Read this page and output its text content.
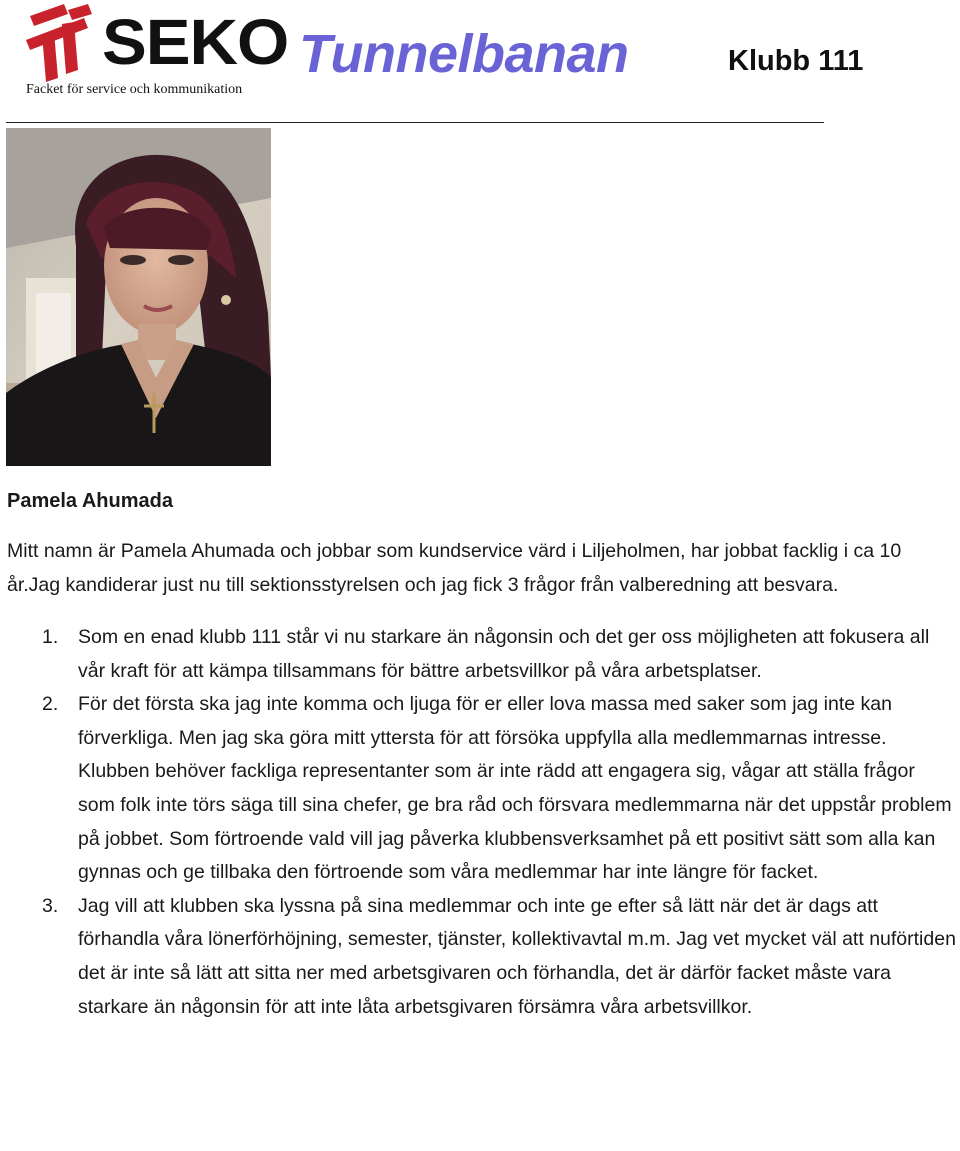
SEKO
Facket för service och kommunikation
Tunnelbanan	Klubb 111
Pamela Ahumada

Mitt namn är Pamela Ahumada och jobbar som kundservice värd i Liljeholmen, har jobbat facklig i ca 10 år.Jag kandiderar just nu till sektionsstyrelsen och jag fick 3 frågor från valberedning att besvara.

1. Som en enad klubb 111 står vi nu starkare än någonsin och det ger oss möjligheten att fokusera all vår kraft för att kämpa tillsammans för bättre arbetsvillkor på våra arbetsplatser.
2. För det första ska jag inte komma och ljuga för er eller lova massa med saker som jag inte kan förverkliga. Men jag ska göra mitt yttersta för att försöka uppfylla alla medlemmarnas intresse. Klubben behöver fackliga representanter som är inte rädd att engagera sig, vågar att ställa frågor som folk inte törs säga till sina chefer, ge bra råd och försvara medlemmarna när det uppstår problem på jobbet. Som förtroende vald vill jag påverka klubbensverksamhet på ett positivt sätt som alla kan gynnas och ge tillbaka den förtroende som våra medlemmar har inte längre för facket.
3. Jag vill att klubben ska lyssna på sina medlemmar och inte ge efter så lätt när det är dags att förhandla våra lönerförhöjning, semester, tjänster, kollektivavtal m.m. Jag vet mycket väl att nuförtiden det är inte så lätt att sitta ner med arbetsgivaren och förhandla, det är därför facket måste vara starkare än någonsin för att inte låta arbetsgivaren försämra våra arbetsvillkor.
